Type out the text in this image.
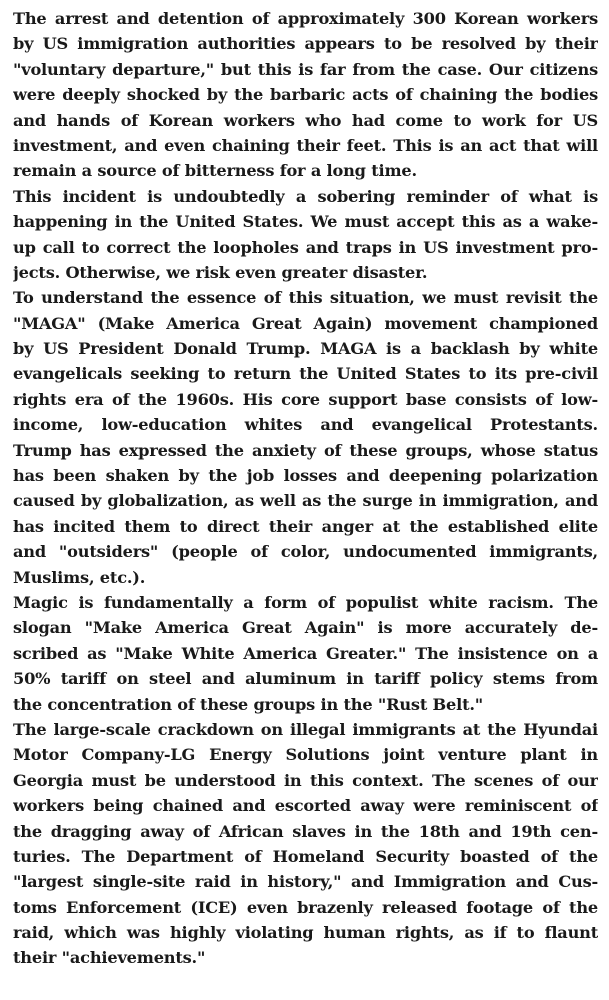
The arrest and detention of approximately 300 Korean workers
by US immigration authorities appears to be resolved by their
"voluntary departure," but this is far from the case. Our citizens
were deeply shocked by the barbaric acts of chaining the bodies
and hands of Korean workers who had come to work for US
investment, and even chaining their feet. This is an act that will
remain a source of bitterness for a long time.
This incident is undoubtedly a sobering reminder of what is
happening in the United States. We must accept this as a wake-
up call to correct the loopholes and traps in US investment pro-
jects. Otherwise, we risk even greater disaster.
To understand the essence of this situation, we must revisit the
"MAGA" (Make America Great Again) movement championed
by US President Donald Trump. MAGA is a backlash by white
evangelicals seeking to return the United States to its pre-civil
rights era of the 1960s. His core support base consists of low-
income, low-education whites and evangelical Protestants.
Trump has expressed the anxiety of these groups, whose status
has been shaken by the job losses and deepening polarization
caused by globalization, as well as the surge in immigration, and
has incited them to direct their anger at the established elite
and "outsiders" (people of color, undocumented immigrants,
Muslims, etc.).
Magic is fundamentally a form of populist white racism. The
slogan "Make America Great Again" is more accurately de-
scribed as "Make White America Greater." The insistence on a
50% tariff on steel and aluminum in tariff policy stems from
the concentration of these groups in the "Rust Belt."
The large-scale crackdown on illegal immigrants at the Hyundai
Motor Company-LG Energy Solutions joint venture plant in
Georgia must be understood in this context. The scenes of our
workers being chained and escorted away were reminiscent of
the dragging away of African slaves in the 18th and 19th cen-
turies. The Department of Homeland Security boasted of the
"largest single-site raid in history," and Immigration and Cus-
toms Enforcement (ICE) even brazenly released footage of the
raid, which was highly violating human rights, as if to flaunt
their "achievements."
